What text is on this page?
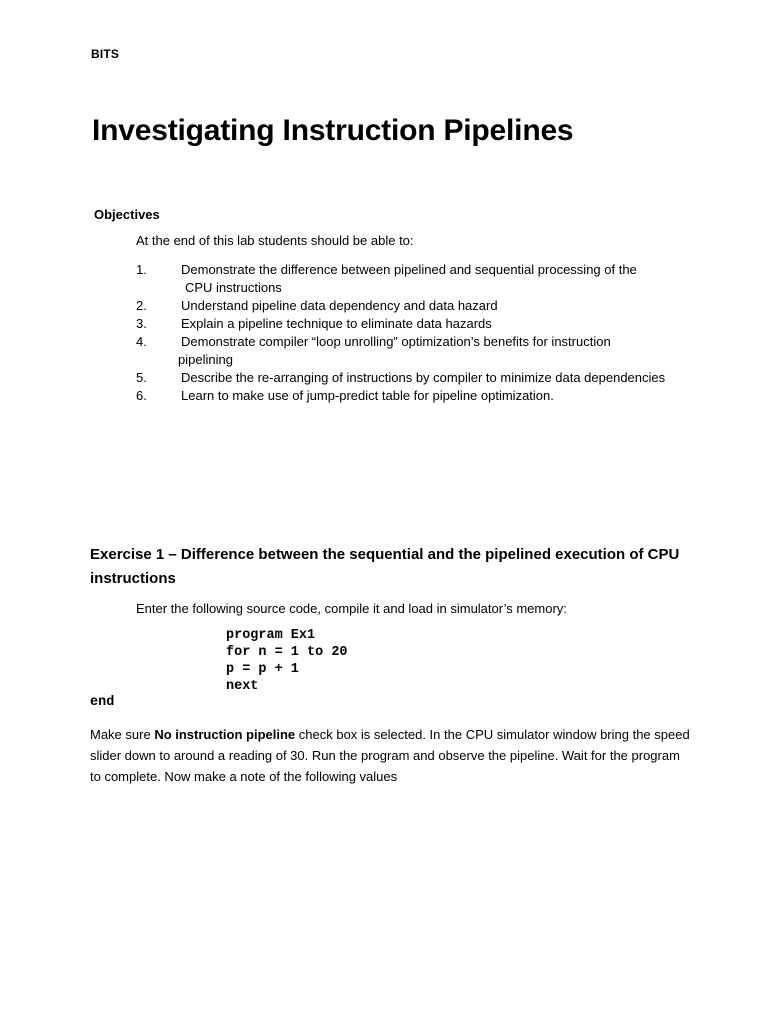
BITS
Investigating Instruction Pipelines
Objectives
At the end of this lab students should be able to:
1.	Demonstrate the difference between pipelined and sequential processing of the
CPU instructions
2.	Understand pipeline data dependency and data hazard
3.	Explain a pipeline technique to eliminate data hazards
4.	Demonstrate compiler “loop unrolling” optimization’s benefits for instruction
pipelining
5.	Describe the re-arranging of instructions by compiler to minimize data dependencies
6.	Learn to make use of jump-predict table for pipeline optimization.
Exercise 1 – Difference between the sequential and the pipelined execution of CPU instructions
Enter the following source code, compile it and load in simulator’s memory:
program Ex1
for n = 1 to 20
p = p + 1
next
end
Make sure No instruction pipeline check box is selected. In the CPU simulator window bring the speed slider down to around a reading of 30. Run the program and observe the pipeline. Wait for the program to complete. Now make a note of the following values
